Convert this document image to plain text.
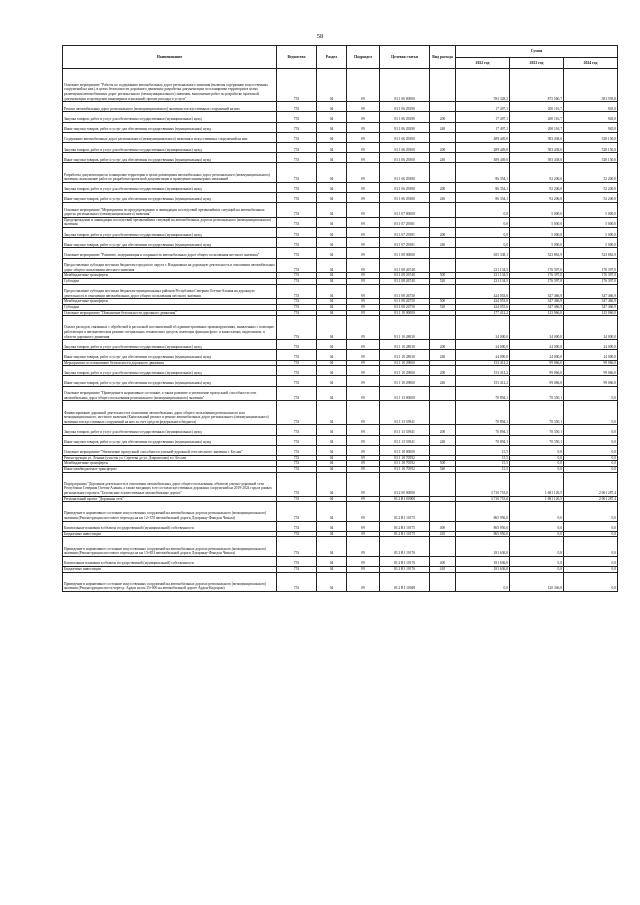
58
Наименование	Ведомство	Раздел	Подраздел	Целевая статья	Вид расхода	Сумма		
						2022 год	2023 год	2024 год
Основное мероприятие "Работы по содержанию автомобильных дорог регионального значения (включая содержание искусственных сооружений на них), в целях безопасности дорожного движения; разработка документации по планировке территории в целях размещения автомобильных дорог регионального (межмуниципального) значения, выполнение работ по разработке проектной документации и проведение инженерных изысканий; прочие расходы и услуги"	753	04	09	03 1 06 00000		593 328,2	875 560,7	581 595,0
Ремонт автомобильных дорог регионального (межмуниципального) значения и искусственных сооружений на них	753	04	09	03 1 06 29290		17 497,1	200 116,7	945,0
Закупка товаров, работ и услуг для обеспечения государственных (муниципальных) нужд	753	04	09	03 1 06 29290	200	17 497,1	200 116,7	945,0
Иные закупки товаров, работ и услуг для обеспечения государственных (муниципальных) нужд	753	04	09	03 1 06 29290	240	17 497,1	200 116,7	945,0
Содержание автомобильных дорог регионального (межмуниципального) значения и искусственных сооружений на них	753	04	09	03 1 06 29300		489 449,0	583 438,0	528 150,0
Закупка товаров, работ и услуг для обеспечения государственных (муниципальных) нужд	753	04	09	03 1 06 29300	200	489 449,0	583 438,0	528 150,0
Иные закупки товаров, работ и услуг для обеспечения государственных (муниципальных) нужд	753	04	09	03 1 06 29300	240	489 449,0	583 438,0	528 150,0
Разработка документации по планировке территории в целях размещения автомобильных дорог регионального (межмуниципального) значения, выполнение работ по разработке проектной документации и проведение инженерных изысканий	753	04	09	03 1 06 29380		86 354,1	92 206,0	52 200,0
Закупка товаров, работ и услуг для обеспечения государственных (муниципальных) нужд	753	04	09	03 1 06 29380	200	86 354,1	92 206,0	52 200,0
Иные закупки товаров, работ и услуг для обеспечения государственных (муниципальных) нужд	753	04	09	03 1 06 29380	240	86 354,1	92 206,0	52 200,0
Основное мероприятие "Мероприятия по предупреждению и ликвидации последствий чрезвычайных ситуаций на автомобильных дорогах регионального (межмуниципального) значения"	753	04	09	03 1 07 00000		0,0	5 000,0	5 000,0
Предупреждение и ликвидация последствий чрезвычайных ситуаций на автомобильных дорогах регионального (межмуниципального) значения	753	04	09	03 1 07 29381		0,0	5 000,0	5 000,0
Закупка товаров, работ и услуг для обеспечения государственных (муниципальных) нужд	753	04	09	03 1 07 29381	200	0,0	5 000,0	5 000,0
Иные закупки товаров, работ и услуг для обеспечения государственных (муниципальных) нужд	753	04	09	03 1 07 29381	240	0,0	5 000,0	5 000,0
Основное мероприятие "Развитие, модернизация и сохранность автомобильных дорог общего пользования местного значения"	753	04	09	03 1 08 00000		655 338,1	523 863,9	523 863,9
Предоставление субсидии местным бюджетам городского округа г. Владикавказ на дорожную деятельность в отношении автомобильных дорог общего пользования местного значения	753	04	09	03 1 08 26740		231 134,5	176 397,0	176 397,0
Межбюджетные трансферты	753	04	09	03 1 08 26740	500	231 134,5	176 397,0	176 397,0
Субсидии	753	04	09	03 1 08 26740	520	231 134,5	176 397,0	176 397,0
Предоставление субсидии местным бюджетам муниципальных районов Республики Северная Осетия-Алания на дорожную деятельность в отношении автомобильных дорог общего пользования местного значения	753	04	09	03 1 08 26750		424 053,6	347 466,9	347 466,9
Межбюджетные трансферты	753	04	09	03 1 08 26750	500	424 053,6	347 466,9	347 466,9
Субсидии	753	04	09	03 1 08 26750	520	424 053,6	347 466,9	347 466,9
Основное мероприятие "Повышение безопасности дорожного движения"	753	04	09	03 1 10 00000		177 412,2	123 066,0	123 066,0
Оплата расходов, связанных с обработкой и рассылкой постановлений об административных правонарушениях, выявленных с помощью работающих в автоматическом режиме специальных технических средств, имеющих функции фото- и киносъемки, видеозаписи, в области дорожного движения	753	04	09	03 1 10 28030		24 000,0	24 000,0	24 000,0
Закупка товаров, работ и услуг для обеспечения государственных (муниципальных) нужд	753	04	09	03 1 10 28030	200	24 000,0	24 000,0	24 000,0
Иные закупки товаров, работ и услуг для обеспечения государственных (муниципальных) нужд	753	04	09	03 1 10 28030	240	24 000,0	24 000,0	24 000,0
Мероприятия по повышению безопасности дорожного движения	753	04	09	03 1 10 29060		153 412,2	99 066,0	99 066,0
Закупка товаров, работ и услуг для обеспечения государственных (муниципальных) нужд	753	04	09	03 1 10 29060	200	153 412,2	99 066,0	99 066,0
Иные закупки товаров, работ и услуг для обеспечения государственных (муниципальных) нужд	753	04	09	03 1 10 29060	240	153 412,2	99 066,0	99 066,0
Основное мероприятие "Приведение в нормативное состояние, а также развитие и увеличение пропускной способности сети автомобильных дорог общего пользования регионального (межмуниципального) значения"	753	04	09	03 1 13 00000		70 894,1	70 350,1	0,0
Финансирование дорожной деятельности в отношении автомобильных дорог общего пользования регионального или межмуниципального, местного значения (Капитальный ремонт и ремонт автомобильных дорог регионального (межмуниципального) значения и искусственных сооружений на них за счет средств федерального бюджета)	753	04	09	03 1 13 53941		70 894,1	70 350,1	0,0
Закупка товаров, работ и услуг для обеспечения государственных (муниципальных) нужд	753	04	09	03 1 13 53941	200	70 894,1	70 350,1	0,0
Иные закупки товаров, работ и услуг для обеспечения государственных (муниципальных) нужд	753	04	09	03 1 13 53941	240	70 894,1	70 350,1	0,0
Основное мероприятие "Увеличение пропускной способности уличной-дорожной сети местного значения г. Беслан"	753	04	09	03 1 18 00000		15,5	0,0	0,0
Реконструкция ул. Ленина (участок ул. Сергеева до ул. Дзарахохова) в г. Беслан	753	04	09	03 1 18 70592		15,5	0,0	0,0
Межбюджетные трансферты	753	04	09	03 1 18 70592	500	15,5	0,0	0,0
Иные межбюджетные трансферты	753	04	09	03 1 18 70592	540	15,5	0,0	0,0
Подпрограмма "Дорожная деятельность в отношении автомобильных дорог общего пользования, объектов улично-дорожной сети Республики Северная Осетия-Алания, а также входящих в ее состав искусственных дорожных сооружений на 2019-2024 годы в рамках регионального проекта "Безопасные и качественные автомобильные дороги"	753	04	09	03 2 00 00000		3 710 753,0	1 681 126,5	2 061 287,4
Региональный проект "Дорожная сеть"	753	04	09	03 2 R1 00000		3 710 753,0	1 681 126,5	2 061 287,4
Приведение в нормативное состояние искусственных сооружений на автомобильных дорогах регионального (межмуниципального) значения (Реконструкция мостового перехода на км 12+370 автомобильной дороги Дзуарикау-Фиагдон Чикола)	753	04	09	03 2 R1 10175		865 956,0	0,0	0,0
Капитальные вложения в объекты государственной (муниципальной) собственности	753	04	09	03 2 R1 10175	400	865 956,0	0,0	0,0
Бюджетные инвестиции	753	04	09	03 2 R1 10175	410	865 956,0	0,0	0,0
Приведение в нормативное состояние искусственных сооружений на автомобильных дорогах регионального (межмуниципального) значения (Реконструкция мостового перехода на км 13+853 автомобильной дороги Дзуарикау-Фиагдон Чикола)	753	04	09	03 2 R1 10176		181 636,0	0,0	0,0
Капитальные вложения в объекты государственной (муниципальной) собственности	753	04	09	03 2 R1 10176	400	181 636,0	0,0	0,0
Бюджетные инвестиции	753	04	09	03 2 R1 10176	410	181 636,0	0,0	0,0
Приведение в нормативное состояние искусственных сооружений на автомобильных дорогах регионального (межмуниципального) значения (Реконструкция моста через р. Ардон на км 15+000 на автомобильной дороге Ардон-Кадгарон)	753	04	09	03 2 R1 10048		0,0	120 346,0	0,0
